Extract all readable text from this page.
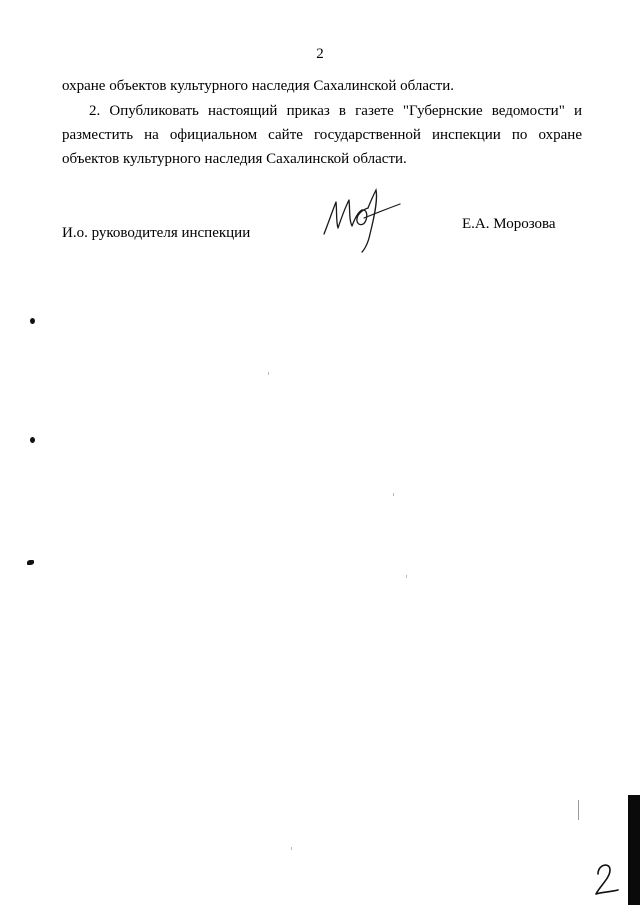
2
охране объектов культурного наследия Сахалинской области.
2. Опубликовать настоящий приказ в газете "Губернские ведомости" и
разместить на официальном сайте государственной инспекции по охране
объектов культурного наследия Сахалинской области.
И.о. руководителя инспекции
Е.А. Морозова
